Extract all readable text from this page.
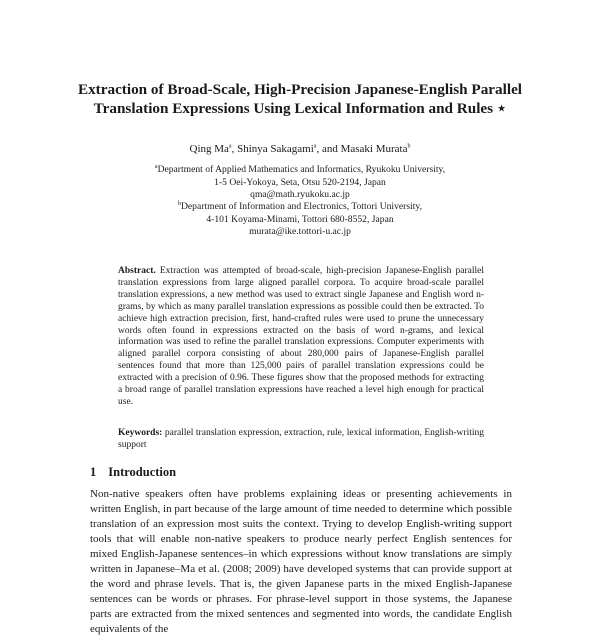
Extraction of Broad-Scale, High-Precision Japanese-English Parallel
Translation Expressions Using Lexical Information and Rules ⋆
Qing Ma$^a$, Shinya Sakagami$^a$, and Masaki Murata$^b$
$^a$Department of Applied Mathematics and Informatics, Ryukoku University,
1-5 Oei-Yokoya, Seta, Otsu 520-2194, Japan
qma@math.ryukoku.ac.jp
$^b$Department of Information and Electronics, Tottori University,
4-101 Koyama-Minami, Tottori 680-8552, Japan
murata@ike.tottori-u.ac.jp
Abstract. Extraction was attempted of broad-scale, high-precision Japanese-English parallel translation expressions from large aligned parallel corpora. To acquire broad-scale parallel translation expressions, a new method was used to extract single Japanese and English word n-grams, by which as many parallel translation expressions as possible could then be extracted. To achieve high extraction precision, first, hand-crafted rules were used to prune the unnecessary words often found in expressions extracted on the basis of word n-grams, and lexical information was used to refine the parallel translation expressions. Computer experiments with aligned parallel corpora consisting of about 280,000 pairs of Japanese-English parallel sentences found that more than 125,000 pairs of parallel translation expressions could be extracted with a precision of 0.96. These figures show that the proposed methods for extracting a broad range of parallel translation expressions have reached a level high enough for practical use.
Keywords: parallel translation expression, extraction, rule, lexical information, English-writing support
1 Introduction
Non-native speakers often have problems explaining ideas or presenting achievements in written English, in part because of the large amount of time needed to determine which possible translation of an expression most suits the context. Trying to develop English-writing support tools that will enable non-native speakers to produce nearly perfect English sentences for mixed English-Japanese sentences–in which expressions without know translations are simply written in Japanese–Ma et al. (2008; 2009) have developed systems that can provide support at the word and phrase levels. That is, the given Japanese parts in the mixed English-Japanese sentences can be words or phrases. For phrase-level support in those systems, the Japanese parts are extracted from the mixed sentences and segmented into words, the candidate English equivalents of the
